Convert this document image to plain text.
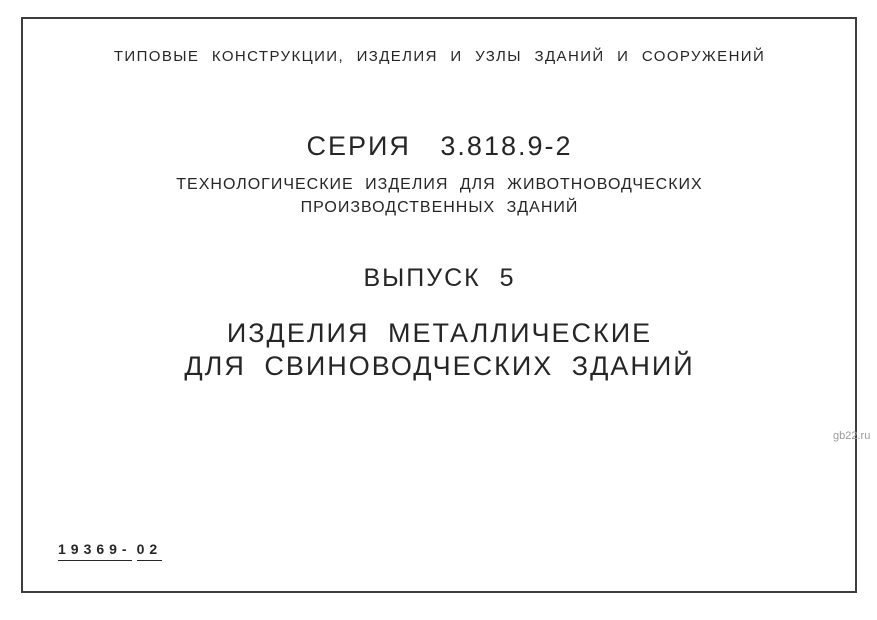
ТИПОВЫЕ КОНСТРУКЦИИ, ИЗДЕЛИЯ И УЗЛЫ ЗДАНИЙ И СООРУЖЕНИЙ
СЕРИЯ 3.818.9-2
ТЕХНОЛОГИЧЕСКИЕ ИЗДЕЛИЯ ДЛЯ ЖИВОТНОВОДЧЕСКИХ
ПРОИЗВОДСТВЕННЫХ ЗДАНИЙ
ВЫПУСК 5
ИЗДЕЛИЯ МЕТАЛЛИЧЕСКИЕ
ДЛЯ СВИНОВОДЧЕСКИХ ЗДАНИЙ
19369- 02
gb22.ru
